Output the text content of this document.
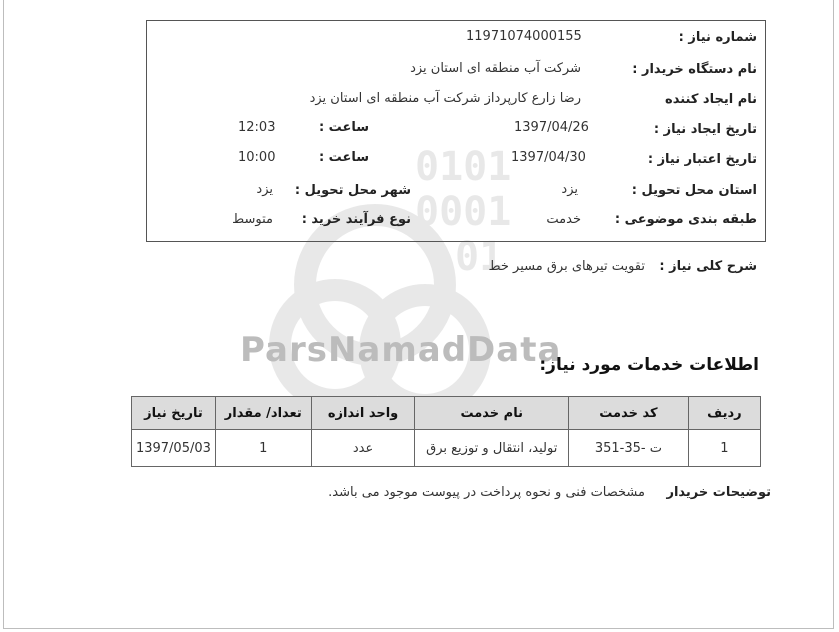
0101
0001
01
ParsNamadData
شماره نیاز :
11971074000155
نام دستگاه خریدار :
شرکت آب منطقه ای استان یزد
نام ایجاد کننده
رضا زارع کارپرداز شرکت آب منطقه ای استان یزد
تاریخ ایجاد نیاز :
1397/04/26
ساعت :
12:03
تاریخ اعتبار نیاز :
1397/04/30
ساعت :
10:00
استان محل تحویل :
یزد
شهر محل تحویل :
یزد
طبقه بندی موضوعی :
خدمت
نوع فرآیند خرید :
متوسط
شرح کلی نیاز :
تقویت تیرهای برق مسیر خط
اطلاعات خدمات مورد نیاز:
ردیف	کد خدمت	نام خدمت	واحد اندازه	تعداد/ مقدار	تاریخ نیاز
1	ت -35-351	تولید، انتقال و توزیع برق	عدد	1	1397/05/03
توضیحات خریدار
مشخصات فنی و نحوه پرداخت در پیوست موجود می باشد.
